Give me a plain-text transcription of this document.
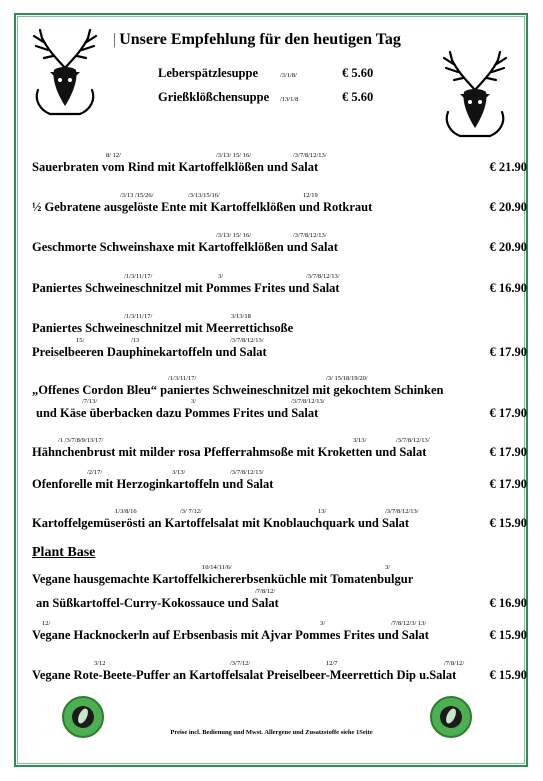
| Unsere Empfehlung für den heutigen Tag
Leberspätzlesuppe	/3/1/8/	€ 5.60
Grießklößchensuppe /13/1/8	€ 5.60
8/ 12/	/3/13/ 15/ 16/	/3/7/8/12/13/
Sauerbraten vom Rind mit Kartoffelklößen und Salat	€ 21.90
/3/13 /15/26/	/3/13/15/16/	12/19
½ Gebratene ausgelöste Ente mit Kartoffelklößen und Rotkraut	€ 20.90
/3/13/ 15/ 16/	/3/7/8/12/13/
Geschmorte Schweinshaxe mit Kartoffelklößen und Salat	€ 20.90
/1/3/11/17/	3/	/3/7/8/12/13/
Paniertes Schweineschnitzel mit Pommes Frites und Salat	€ 16.90
/1/3/11/17/	3/13/18
Paniertes Schweineschnitzel mit Meerrettichsoße
15/	/13	/3/7/8/12/13/
Preiselbeeren Dauphinekartoffeln und Salat	€ 17.90
/1/3/11/17/	/3/ 15/18/19/20/
„Offenes Cordon Bleu“ paniertes Schweineschnitzel mit gekochtem Schinken
/7/13/	3/	/3/7/8/12/13/
und Käse überbacken dazu Pommes Frites und Salat	€ 17.90
/1 /3/7/8/9/13/17/	3/13/	/3/7/8/12/13/
Hähnchenbrust mit milder rosa Pfefferrahmsoße mit Kroketten und Salat	€ 17.90
/2/17/	3/13/	/3/7/8/12/13/
Ofenforelle mit Herzoginkartoffeln und Salat	€ 17.90
1/3/8/16	/3/ 7/12/	13/	/3/7/8/12/13/
Kartoffelgemüserösti an Kartoffelsalat mit Knoblauchquark und Salat	€ 15.90
Plant Base
10/14/11/6/	3/
Vegane hausgemachte Kartoffelkichererbsenküchle mit Tomatenbulgur
/7/8/12/
an Süßkartoffel-Curry-Kokossauce und Salat	€ 16.90
12/	3/	/7/8/12/3/ 13/
Vegane Hacknockerln auf Erbsenbasis mit Ajvar Pommes Frites und Salat	€ 15.90
3/12	/3/7/12/	12/7	/7/8/12/
Vegane Rote-Beete-Puffer an Kartoffelsalat Preiselbeer-Meerrettich Dip u.Salat	€ 15.90
Preise incl. Bedienung und Mwst. Allergene und Zusatzstoffe siehe 1Seite
